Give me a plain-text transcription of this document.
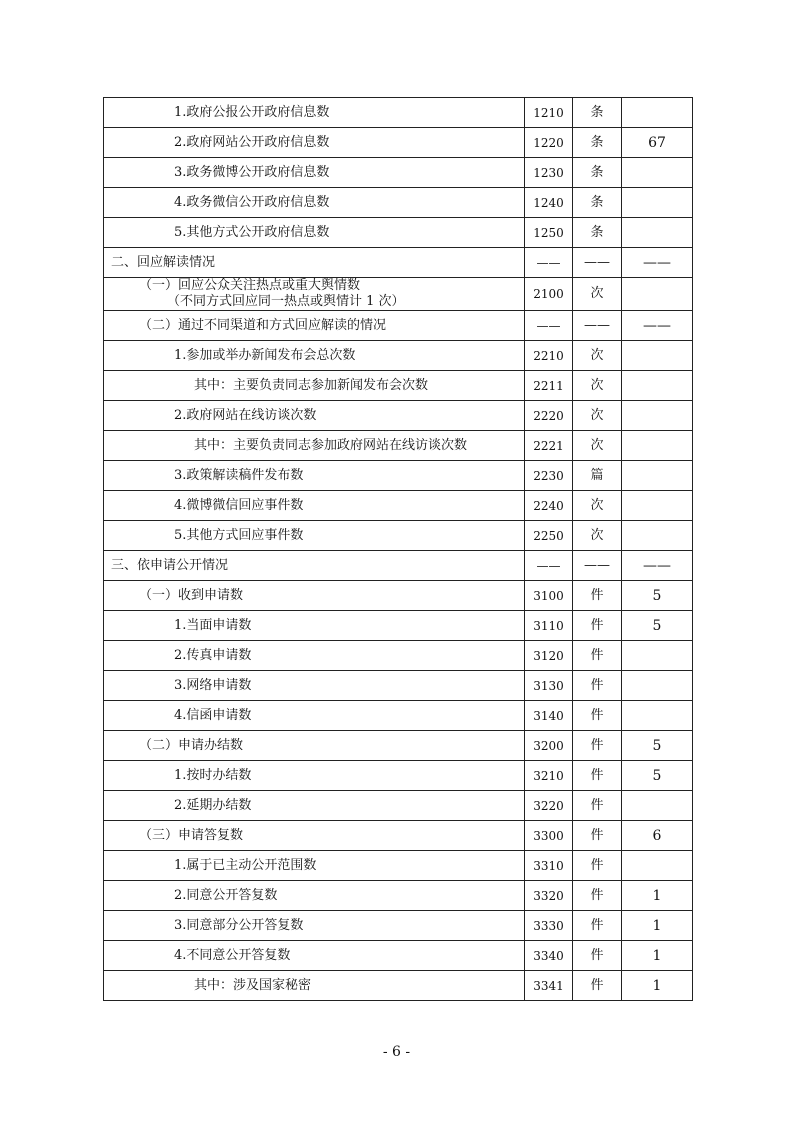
1.政府公报公开政府信息数	1210	条	

2.政府网站公开政府信息数	1220	条	67

3.政务微博公开政府信息数	1230	条	

4.政务微信公开政府信息数	1240	条	

5.其他方式公开政府信息数	1250	条	

二、回应解读情况	——	——	——

（一）回应公众关注热点或重大舆情数
（不同方式回应同一热点或舆情计 1 次）	2100	次	

（二）通过不同渠道和方式回应解读的情况	——	——	——

1.参加或举办新闻发布会总次数	2210	次	

其中：主要负责同志参加新闻发布会次数	2211	次	

2.政府网站在线访谈次数	2220	次	

其中：主要负责同志参加政府网站在线访谈次数	2221	次	

3.政策解读稿件发布数	2230	篇	

4.微博微信回应事件数	2240	次	

5.其他方式回应事件数	2250	次	

三、依申请公开情况	——	——	——

（一）收到申请数	3100	件	5

1.当面申请数	3110	件	5

2.传真申请数	3120	件	

3.网络申请数	3130	件	

4.信函申请数	3140	件	

（二）申请办结数	3200	件	5

1.按时办结数	3210	件	5

2.延期办结数	3220	件	

（三）申请答复数	3300	件	6

1.属于已主动公开范围数	3310	件	

2.同意公开答复数	3320	件	1

3.同意部分公开答复数	3330	件	1

4.不同意公开答复数	3340	件	1

其中：涉及国家秘密	3341	件	1
- 6 -
